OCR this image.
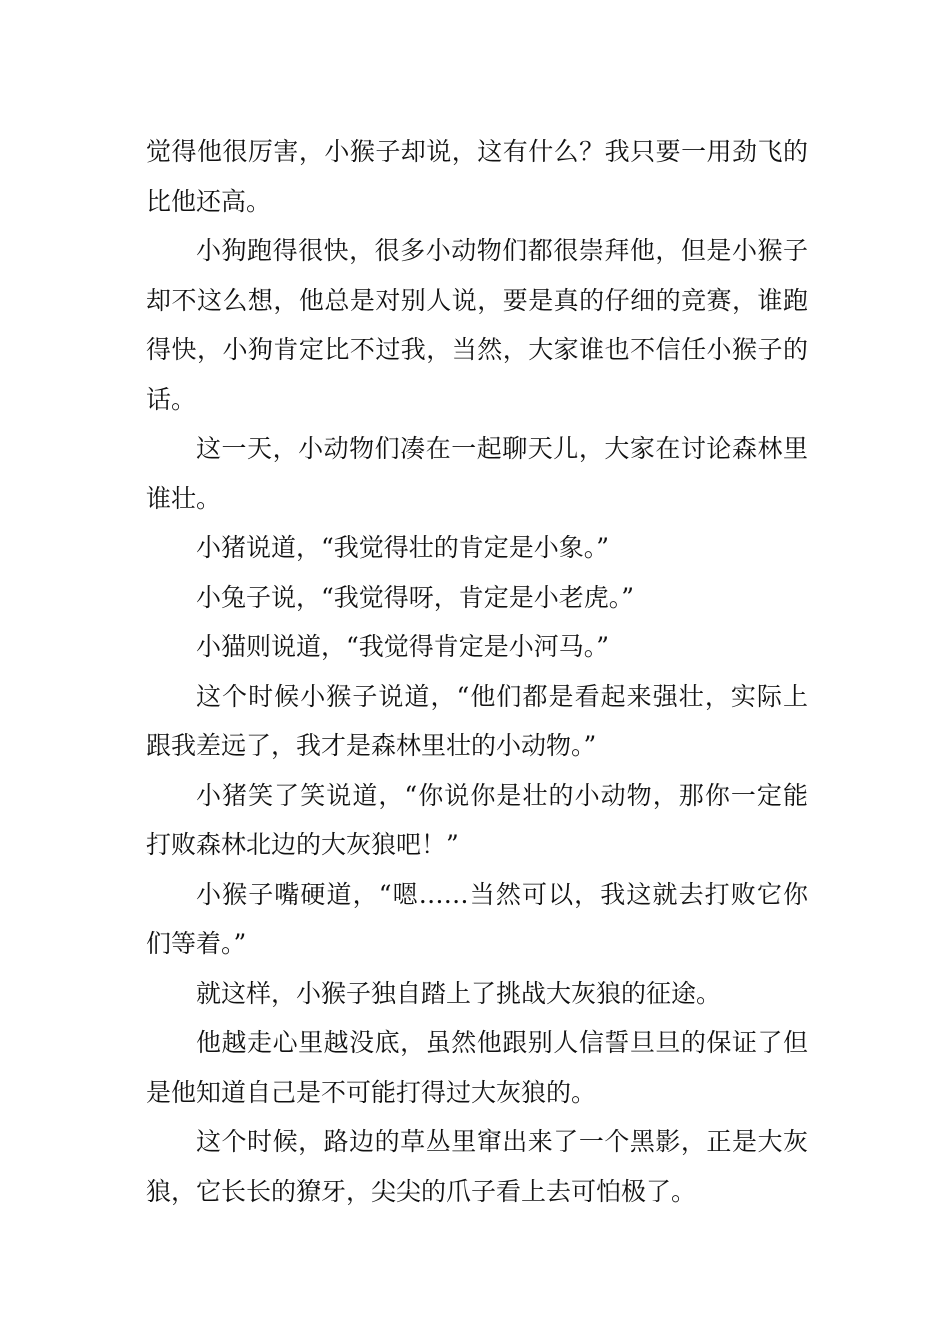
觉得他很厉害，小猴子却说，这有什么？我只要一用劲飞的比他还高。

小狗跑得很快，很多小动物们都很崇拜他，但是小猴子却不这么想，他总是对别人说，要是真的仔细的竞赛，谁跑得快，小狗肯定比不过我，当然，大家谁也不信任小猴子的话。

这一天，小动物们凑在一起聊天儿，大家在讨论森林里谁壮。

小猪说道，“我觉得壮的肯定是小象。”

小兔子说，“我觉得呀，肯定是小老虎。”

小猫则说道，“我觉得肯定是小河马。”

这个时候小猴子说道，“他们都是看起来强壮，实际上跟我差远了，我才是森林里壮的小动物。”

小猪笑了笑说道，“你说你是壮的小动物，那你一定能打败森林北边的大灰狼吧！”

小猴子嘴硬道，“嗯……当然可以，我这就去打败它你们等着。”

就这样，小猴子独自踏上了挑战大灰狼的征途。

他越走心里越没底，虽然他跟别人信誓旦旦的保证了但是他知道自己是不可能打得过大灰狼的。

这个时候，路边的草丛里窜出来了一个黑影，正是大灰狼，它长长的獠牙，尖尖的爪子看上去可怕极了。
